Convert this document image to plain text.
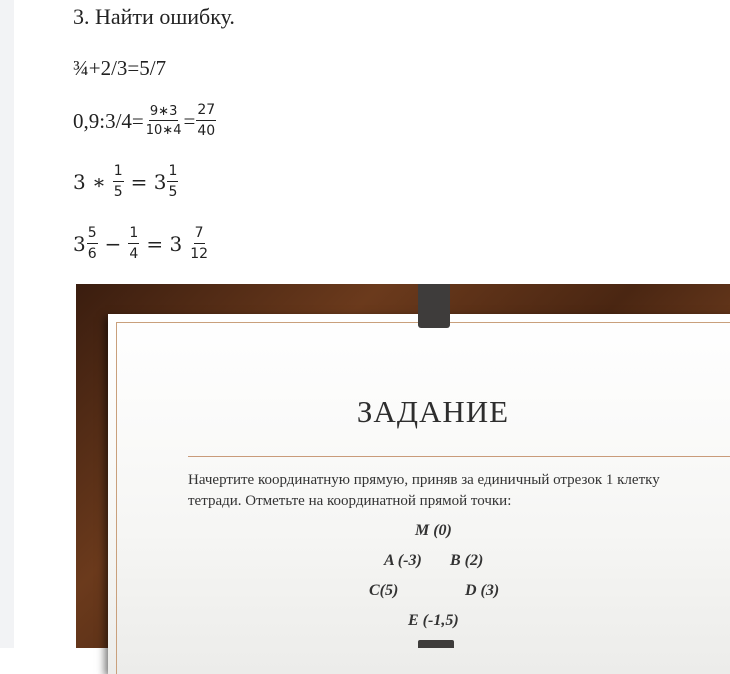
3. Найти ошибку.
¾+2/3=5/7
0,9:3/4= $\frac{9∗3}{10∗4} = \frac{27}{40}$
3 ∗ $\frac{1}{5} = 3 \frac{1}{5}$
$3 \frac{5}{6} - \frac{1}{4} = 3 \frac{7}{12}$
ЗАДАНИЕ
Начертите координатную прямую, приняв за единичный отрезок 1 клетку
тетради. Отметьте на координатной прямой точки:
M (0)
A (-3) B (2)
C(5)	D (3)
E (-1,5)
